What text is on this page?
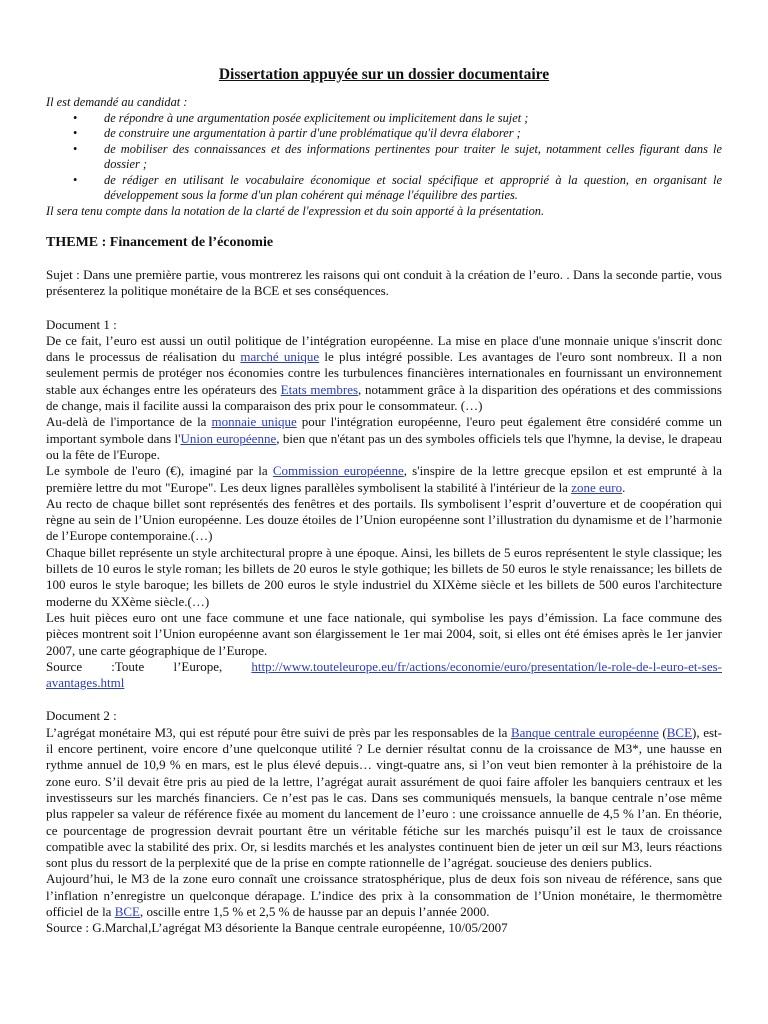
Dissertation appuyée sur un dossier documentaire
Il est demandé au candidat :
• de répondre à une argumentation posée explicitement ou implicitement dans le sujet ;
• de construire une argumentation à partir d'une problématique qu'il devra élaborer ;
• de mobiliser des connaissances et des informations pertinentes pour traiter le sujet, notamment celles figurant dans le dossier ;
• de rédiger en utilisant le vocabulaire économique et social spécifique et approprié à la question, en organisant le développement sous la forme d'un plan cohérent qui ménage l'équilibre des parties.
Il sera tenu compte dans la notation de la clarté de l'expression et du soin apporté à la présentation.
THEME : Financement de l’économie

Sujet : Dans une première partie, vous montrerez les raisons qui ont conduit à la création de l’euro. . Dans la seconde partie, vous présenterez la politique monétaire de la BCE et ses conséquences.

Document 1 :

De ce fait, l’euro est aussi un outil politique de l’intégration européenne. La mise en place d'une monnaie unique s'inscrit donc dans le processus de réalisation du marché unique le plus intégré possible. Les avantages de l'euro sont nombreux. Il a non seulement permis de protéger nos économies contre les turbulences financières internationales en fournissant un environnement stable aux échanges entre les opérateurs des Etats membres, notamment grâce à la disparition des opérations et des commissions de change, mais il facilite aussi la comparaison des prix pour le consommateur. (…)

Au-delà de l'importance de la monnaie unique pour l'intégration européenne, l'euro peut également être considéré comme un important symbole dans l'Union européenne, bien que n'étant pas un des symboles officiels tels que l'hymne, la devise, le drapeau ou la fête de l'Europe.

Le symbole de l'euro (€), imaginé par la Commission européenne, s'inspire de la lettre grecque epsilon et est emprunté à la première lettre du mot "Europe". Les deux lignes parallèles symbolisent la stabilité à l'intérieur de la zone euro.

Au recto de chaque billet sont représentés des fenêtres et des portails. Ils symbolisent l’esprit d’ouverture et de coopération qui règne au sein de l’Union européenne. Les douze étoiles de l’Union européenne sont l’illustration du dynamisme et de l’harmonie de l’Europe contemporaine.(…)

Chaque billet représente un style architectural propre à une époque. Ainsi, les billets de 5 euros représentent le style classique; les billets de 10 euros le style roman; les billets de 20 euros le style gothique; les billets de 50 euros le style renaissance; les billets de 100 euros le style baroque; les billets de 200 euros le style industriel du XIXème siècle et les billets de 500 euros l'architecture moderne du XXème siècle.(…)

Les huit pièces euro ont une face commune et une face nationale, qui symbolise les pays d’émission. La face commune des pièces montrent soit l’Union européenne avant son élargissement le 1er mai 2004, soit, si elles ont été émises après le 1er janvier 2007, une carte géographique de l’Europe.
Source :Toute l’Europe, http://www.touteleurope.eu/fr/actions/economie/euro/presentation/le-role-de-l-euro-et-ses-avantages.html

Document 2 :

L’agrégat monétaire M3, qui est réputé pour être suivi de près par les responsables de la Banque centrale européenne (BCE), est-il encore pertinent, voire encore d’une quelconque utilité ? Le dernier résultat connu de la croissance de M3*, une hausse en rythme annuel de 10,9 % en mars, est le plus élevé depuis… vingt-quatre ans, si l’on veut bien remonter à la préhistoire de la zone euro. S’il devait être pris au pied de la lettre, l’agrégat aurait assurément de quoi faire affoler les banquiers centraux et les investisseurs sur les marchés financiers. Ce n’est pas le cas. Dans ses communiqués mensuels, la banque centrale n’ose même plus rappeler sa valeur de référence fixée au moment du lancement de l’euro : une croissance annuelle de 4,5 % l’an. En théorie, ce pourcentage de progression devrait pourtant être un véritable fétiche sur les marchés puisqu’il est le taux de croissance compatible avec la stabilité des prix. Or, si lesdits marchés et les analystes continuent bien de jeter un œil sur M3, leurs réactions sont plus du ressort de la perplexité que de la prise en compte rationnelle de l’agrégat. soucieuse des deniers publics.

Aujourd’hui, le M3 de la zone euro connaît une croissance stratosphérique, plus de deux fois son niveau de référence, sans que l’inflation n’enregistre un quelconque dérapage. L’indice des prix à la consommation de l’Union monétaire, le thermomètre officiel de la BCE, oscille entre 1,5 % et 2,5 % de hausse par an depuis l’année 2000.

Source : G.Marchal,L’agrégat M3 désoriente la Banque centrale européenne, 10/05/2007
